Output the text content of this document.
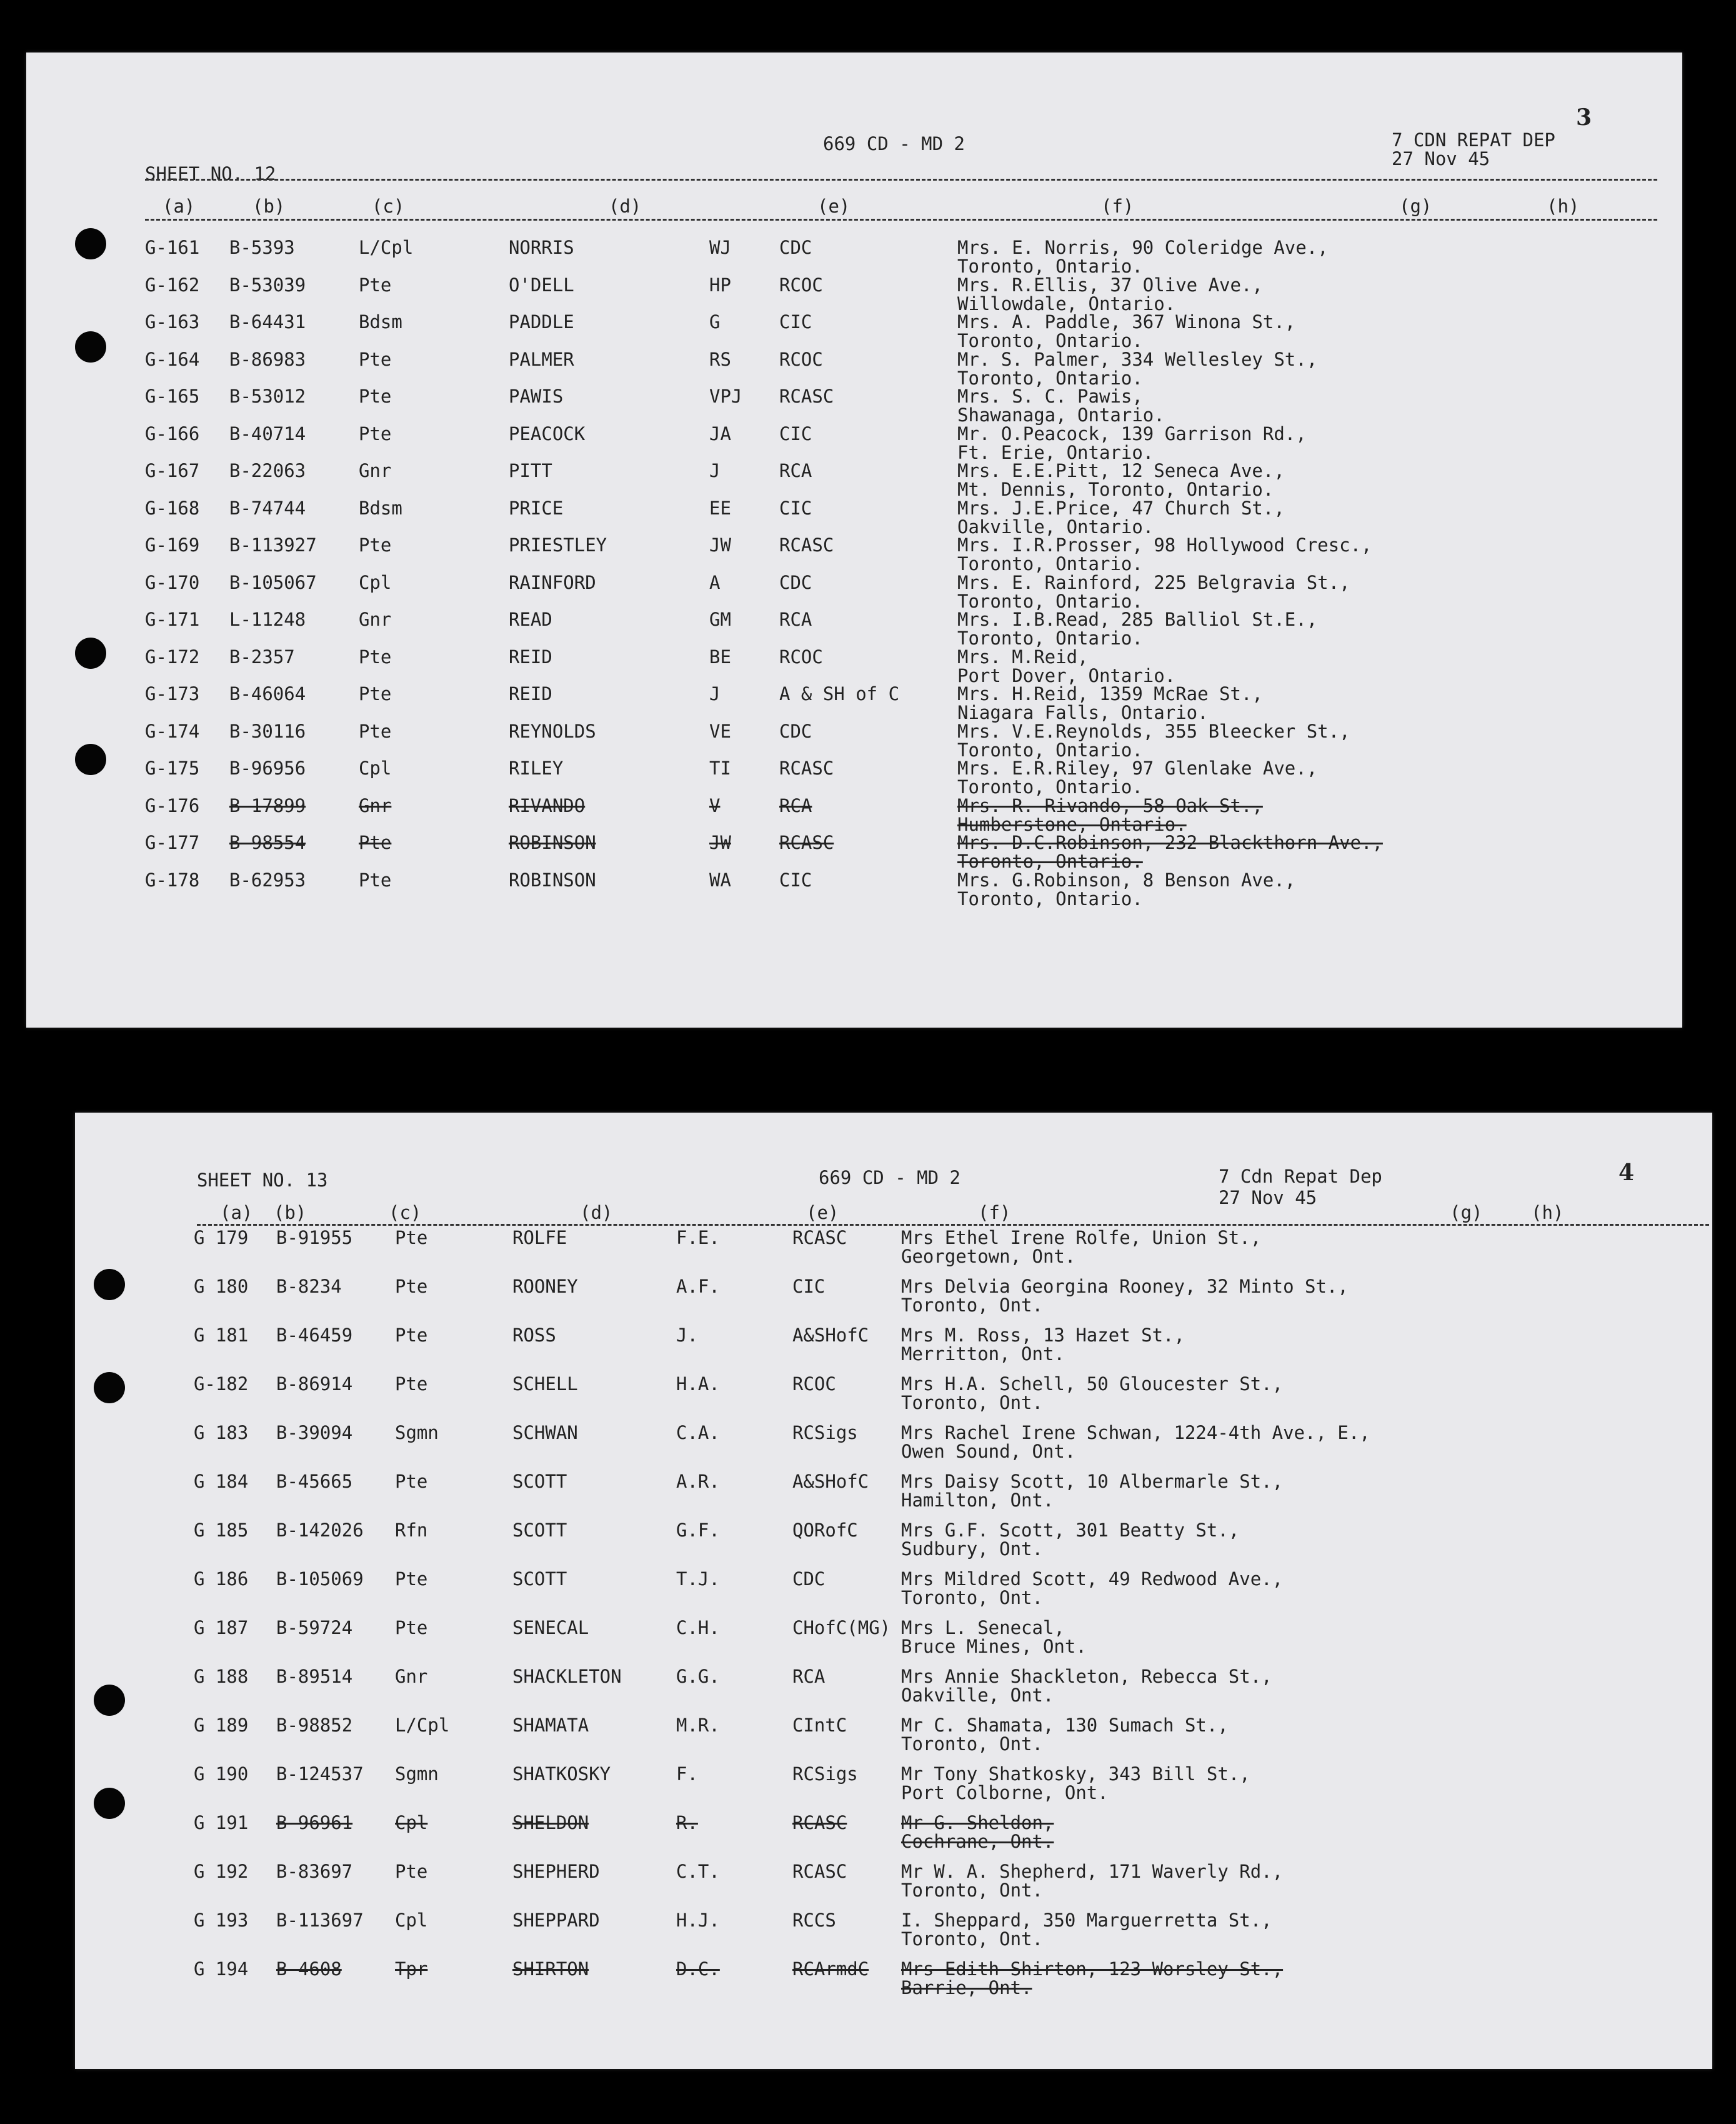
3
669 CD - MD 2	7 CDN REPAT DEP
27 Nov 45
SHEET NO. 12
(a)	(b)	(c)	(d)	(e)	(f)	(g)	(h)
G-161 B-5393	L/Cpl	NORRIS	WJ	CDC	Mrs. E. Norris, 90 Coleridge Ave.,
Toronto, Ontario.
G-162 B-53039	Pte	O'DELL	HP	RCOC	Mrs. R.Ellis, 37 Olive Ave.,
Willowdale, Ontario.
G-163 B-64431	Bdsm	PADDLE	G	CIC	Mrs. A. Paddle, 367 Winona St.,
Toronto, Ontario.
G-164 B-86983	Pte	PALMER	RS	RCOC	Mr. S. Palmer, 334 Wellesley St.,
Toronto, Ontario.
G-165 B-53012	Pte	PAWIS	VPJ RCASC	Mrs. S. C. Pawis,
Shawanaga, Ontario.
G-166 B-40714	Pte	PEACOCK	JA	CIC	Mr. O.Peacock, 139 Garrison Rd.,
Ft. Erie, Ontario.
G-167 B-22063	Gnr	PITT	J	RCA	Mrs. E.E.Pitt, 12 Seneca Ave.,
Mt. Dennis, Toronto, Ontario.
G-168 B-74744	Bdsm	PRICE	EE	CIC	Mrs. J.E.Price, 47 Church St.,
Oakville, Ontario.
G-169 B-113927 Pte	PRIESTLEY	JW	RCASC	Mrs. I.R.Prosser, 98 Hollywood Cresc.,
Toronto, Ontario.
G-170 B-105067 Cpl	RAINFORD	A	CDC	Mrs. E. Rainford, 225 Belgravia St.,
Toronto, Ontario.
G-171 L-11248	Gnr	READ	GM	RCA	Mrs. I.B.Read, 285 Balliol St.E.,
Toronto, Ontario.
G-172 B-2357	Pte	REID	BE	RCOC	Mrs. M.Reid,
Port Dover, Ontario.
G-173 B-46064	Pte	REID	J	A & SH of C	Mrs. H.Reid, 1359 McRae St.,
Niagara Falls, Ontario.
G-174 B-30116	Pte	REYNOLDS	VE	CDC	Mrs. V.E.Reynolds, 355 Bleecker St.,
Toronto, Ontario.
G-175 B-96956	Cpl	RILEY	TI	RCASC	Mrs. E.R.Riley, 97 Glenlake Ave.,
Toronto, Ontario.
G-176 B-17899	Gnr	RIVANDO	V	RCA	Mrs. R. Rivando, 58 Oak St.,
Humberstone, Ontario.
G-177 B-98554	Pte	ROBINSON	JW	RCASC	Mrs. D.C.Robinson, 232 Blackthorn Ave.,
Toronto, Ontario.
G-178 B-62953	Pte	ROBINSON	WA	CIC	Mrs. G.Robinson, 8 Benson Ave.,
Toronto, Ontario.
4
SHEET NO. 13	669 CD - MD 2	7 Cdn Repat Dep
27 Nov 45
(a) (b)	(c)	(d)	(e)	(f)	(g)	(h)
G 179 B-91955 Pte	ROLFE	F.E.	RCASC	Mrs Ethel Irene Rolfe, Union St.,
Georgetown, Ont.
G 180 B-8234	Pte	ROONEY	A.F.	CIC	Mrs Delvia Georgina Rooney, 32 Minto St.,
Toronto, Ont.
G 181 B-46459 Pte	ROSS	J.	A&SHofC Mrs M. Ross, 13 Hazet St.,
Merritton, Ont.
G-182 B-86914 Pte	SCHELL	H.A.	RCOC	Mrs H.A. Schell, 50 Gloucester St.,
Toronto, Ont.
G 183 B-39094 Sgmn	SCHWAN	C.A.	RCSigs Mrs Rachel Irene Schwan, 1224-4th Ave., E.,
Owen Sound, Ont.
G 184 B-45665 Pte	SCOTT	A.R.	A&SHofC Mrs Daisy Scott, 10 Albermarle St.,
Hamilton, Ont.
G 185 B-142026 Rfn	SCOTT	G.F.	QORofC Mrs G.F. Scott, 301 Beatty St.,
Sudbury, Ont.
G 186 B-105069 Pte	SCOTT	T.J.	CDC	Mrs Mildred Scott, 49 Redwood Ave.,
Toronto, Ont.
G 187 B-59724 Pte	SENECAL	C.H.	CHofC(MG) Mrs L. Senecal,
Bruce Mines, Ont.
G 188 B-89514 Gnr	SHACKLETON	G.G.	RCA	Mrs Annie Shackleton, Rebecca St.,
Oakville, Ont.
G 189 B-98852 L/Cpl	SHAMATA	M.R.	CIntC	Mr C. Shamata, 130 Sumach St.,
Toronto, Ont.
G 190 B-124537 Sgmn	SHATKOSKY	F.	RCSigs Mr Tony Shatkosky, 343 Bill St.,
Port Colborne, Ont.
G 191 B-96961 Cpl	SHELDON	R.	RCASC	Mr G. Sheldon,
Cochrane, Ont.
G 192 B-83697 Pte	SHEPHERD	C.T.	RCASC	Mr W. A. Shepherd, 171 Waverly Rd.,
Toronto, Ont.
G 193 B-113697 Cpl	SHEPPARD	H.J.	RCCS	I. Sheppard, 350 Marguerretta St.,
Toronto, Ont.
G 194 B-4608	Tpr	SHIRTON	D.C.	RCArmdC Mrs Edith Shirton, 123 Worsley St.,
Barrie, Ont.
